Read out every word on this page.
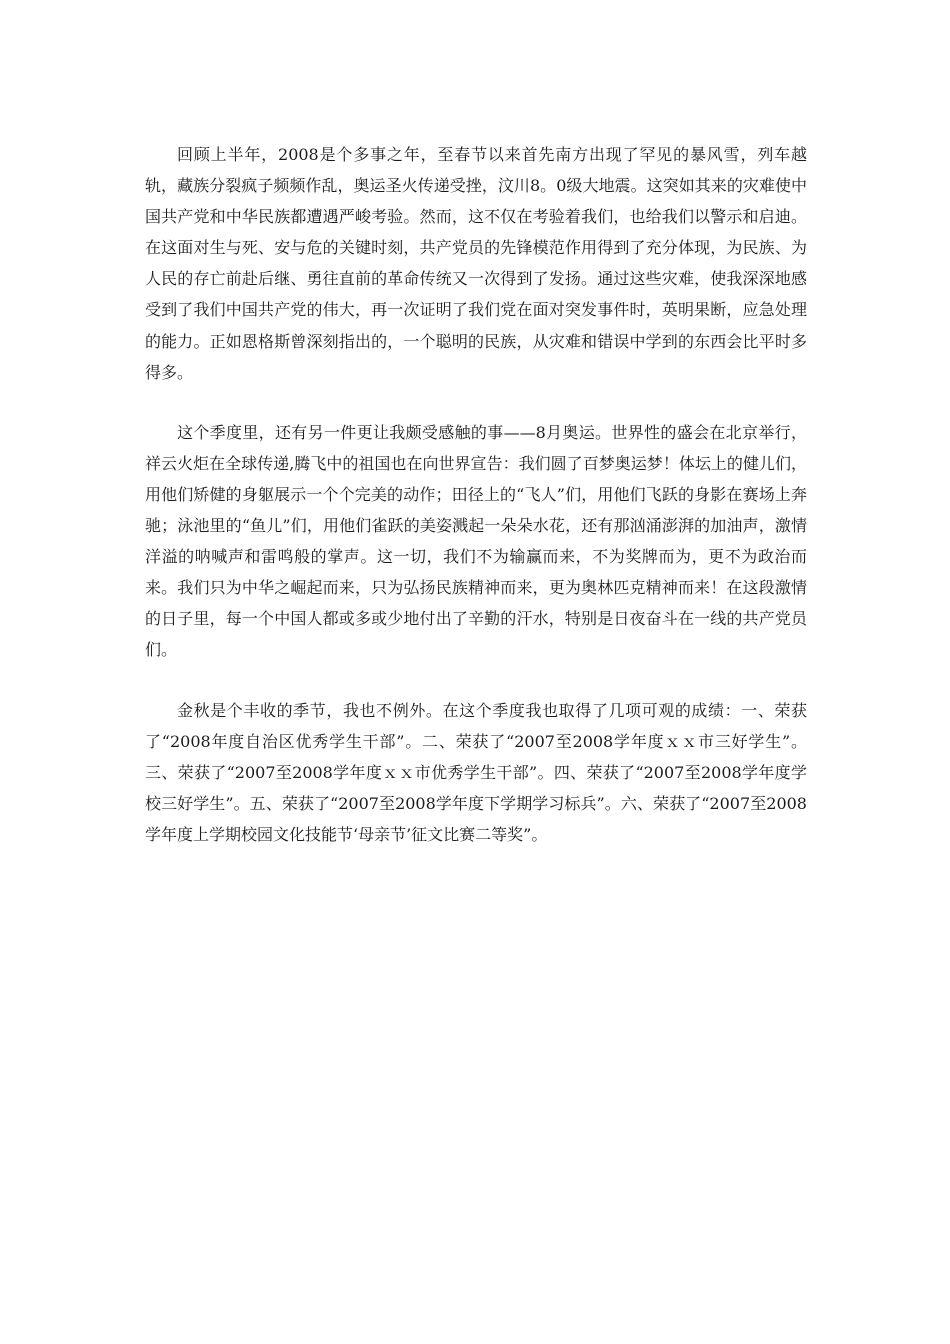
回顾上半年，2008是个多事之年，至春节以来首先南方出现了罕见的暴风雪，列车越轨，藏族分裂疯子频频作乱，奥运圣火传递受挫，汶川8。0级大地震。这突如其来的灾难使中国共产党和中华民族都遭遇严峻考验。然而，这不仅在考验着我们，也给我们以警示和启迪。在这面对生与死、安与危的关键时刻，共产党员的先锋模范作用得到了充分体现，为民族、为人民的存亡前赴后继、勇往直前的革命传统又一次得到了发扬。通过这些灾难，使我深深地感受到了我们中国共产党的伟大，再一次证明了我们党在面对突发事件时，英明果断，应急处理的能力。正如恩格斯曾深刻指出的，一个聪明的民族，从灾难和错误中学到的东西会比平时多得多。

这个季度里，还有另一件更让我颇受感触的事——8月奥运。世界性的盛会在北京举行，祥云火炬在全球传递,腾飞中的祖国也在向世界宣告：我们圆了百梦奥运梦！体坛上的健儿们，用他们矫健的身躯展示一个个完美的动作；田径上的“飞人”们，用他们飞跃的身影在赛场上奔驰；泳池里的“鱼儿”们，用他们雀跃的美姿溅起一朵朵水花，还有那汹涌澎湃的加油声，激情洋溢的呐喊声和雷鸣般的掌声。这一切，我们不为输赢而来，不为奖牌而为，更不为政治而来。我们只为中华之崛起而来，只为弘扬民族精神而来，更为奥林匹克精神而来！在这段激情的日子里，每一个中国人都或多或少地付出了辛勤的汗水，特别是日夜奋斗在一线的共产党员们。

金秋是个丰收的季节，我也不例外。在这个季度我也取得了几项可观的成绩：一、荣获了“2008年度自治区优秀学生干部”。二、荣获了“2007至2008学年度ｘｘ市三好学生”。三、荣获了“2007至2008学年度ｘｘ市优秀学生干部”。四、荣获了“2007至2008学年度学校三好学生”。五、荣获了“2007至2008学年度下学期学习标兵”。六、荣获了“2007至2008学年度上学期校园文化技能节‘母亲节’征文比赛二等奖”。
